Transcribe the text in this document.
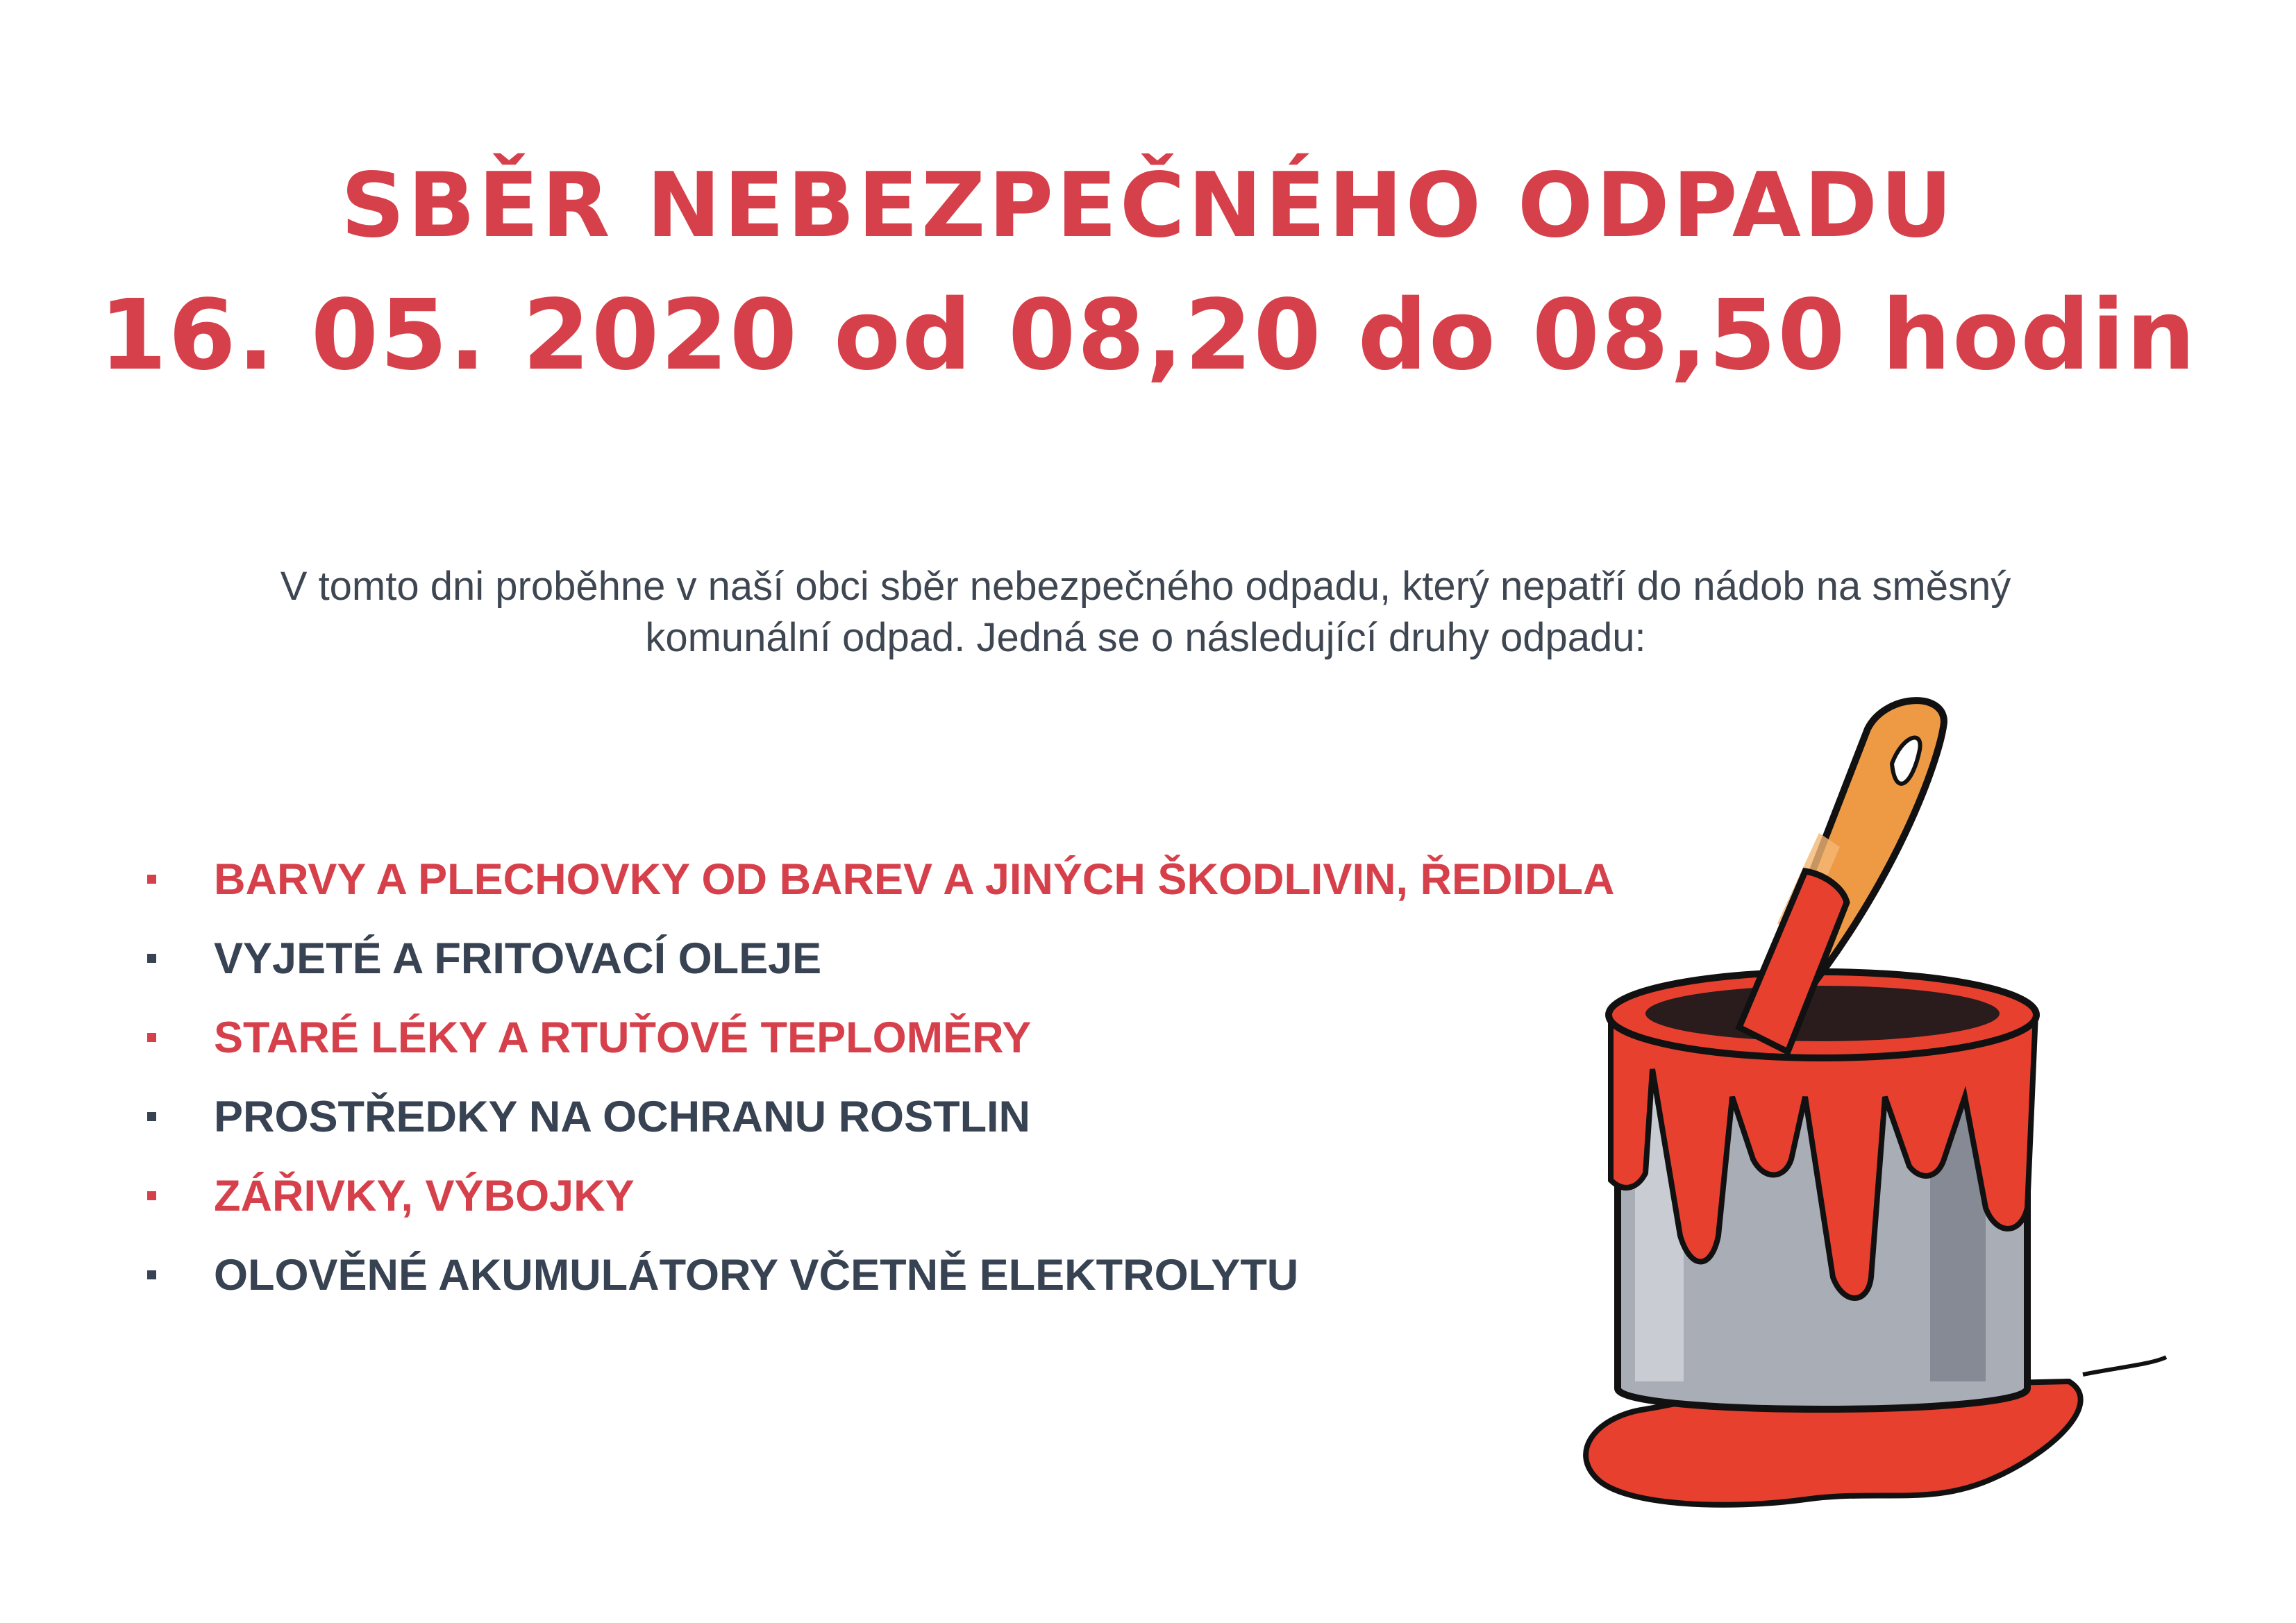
SBĚR NEBEZPEČNÉHO ODPADU
16. 05. 2020 od 08,20 do 08,50 hodin

V tomto dni proběhne v naší obci sběr nebezpečného odpadu, který nepatří do nádob na směsný
komunální odpad. Jedná se o následující druhy odpadu:

BARVY A PLECHOVKY OD BAREV A JINÝCH ŠKODLIVIN, ŘEDIDLA
VYJETÉ A FRITOVACÍ OLEJE
STARÉ LÉKY A RTUŤOVÉ TEPLOMĚRY
PROSTŘEDKY NA OCHRANU ROSTLIN
ZÁŘIVKY, VÝBOJKY
OLOVĚNÉ AKUMULÁTORY VČETNĚ ELEKTROLYTU
